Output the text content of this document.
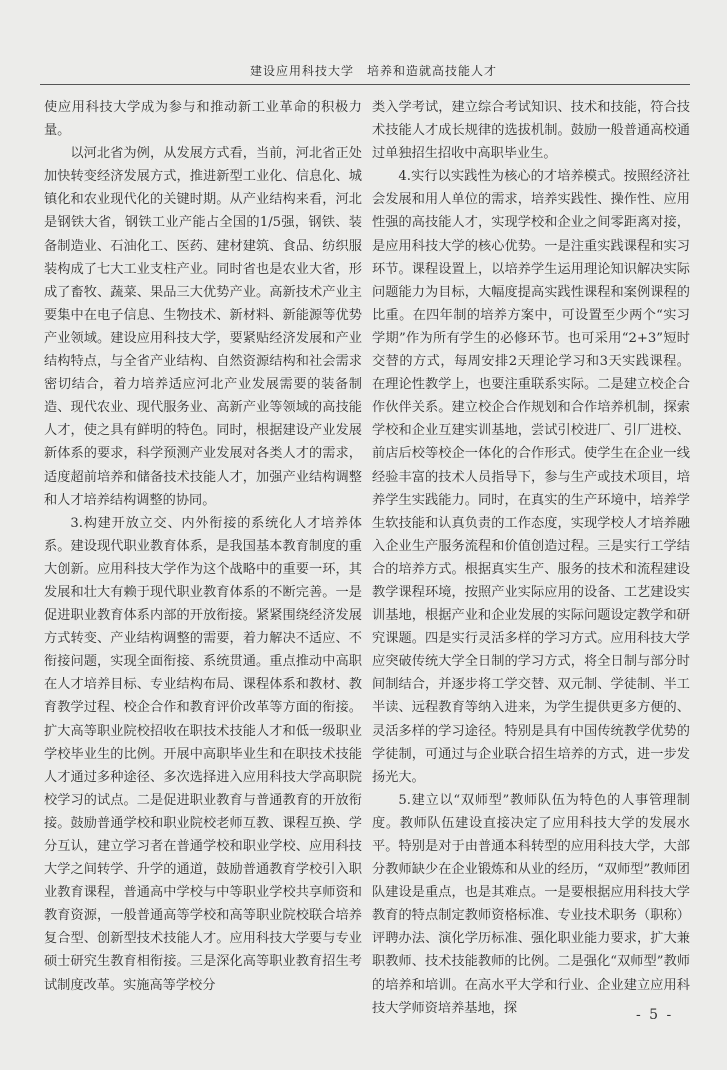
建设应用科技大学　培养和造就高技能人才

使应用科技大学成为参与和推动新工业革命的积极力量。

以河北省为例，从发展方式看，当前，河北省正处加快转变经济发展方式，推进新型工业化、信息化、城镇化和农业现代化的关键时期。从产业结构来看，河北是钢铁大省，钢铁工业产能占全国的1/5强，钢铁、装备制造业、石油化工、医药、建材建筑、食品、纺织服装构成了七大工业支柱产业。同时省也是农业大省，形成了畜牧、蔬菜、果品三大优势产业。高新技术产业主要集中在电子信息、生物技术、新材料、新能源等优势产业领域。建设应用科技大学，要紧贴经济发展和产业结构特点，与全省产业结构、自然资源结构和社会需求密切结合，着力培养适应河北产业发展需要的装备制造、现代农业、现代服务业、高新产业等领域的高技能人才，使之具有鲜明的特色。同时，根据建设产业发展新体系的要求，科学预测产业发展对各类人才的需求，适度超前培养和储备技术技能人才，加强产业结构调整和人才培养结构调整的协同。

3.构建开放立交、内外衔接的系统化人才培养体系。建设现代职业教育体系，是我国基本教育制度的重大创新。应用科技大学作为这个战略中的重要一环，其发展和壮大有赖于现代职业教育体系的不断完善。一是促进职业教育体系内部的开放衔接。紧紧围绕经济发展方式转变、产业结构调整的需要，着力解决不适应、不衔接问题，实现全面衔接、系统贯通。重点推动中高职在人才培养目标、专业结构布局、课程体系和教材、教育教学过程、校企合作和教育评价改革等方面的衔接。扩大高等职业院校招收在职技术技能人才和低一级职业学校毕业生的比例。开展中高职毕业生和在职技术技能人才通过多种途径、多次选择进入应用科技大学高职院校学习的试点。二是促进职业教育与普通教育的开放衔接。鼓励普通学校和职业院校老师互教、课程互换、学分互认，建立学习者在普通学校和职业学校、应用科技大学之间转学、升学的通道，鼓励普通教育学校引入职业教育课程，普通高中学校与中等职业学校共享师资和教育资源，一般普通高等学校和高等职业院校联合培养复合型、创新型技术技能人才。应用科技大学要与专业硕士研究生教育相衔接。三是深化高等职业教育招生考试制度改革。实施高等学校分

类入学考试，建立综合考试知识、技术和技能，符合技术技能人才成长规律的选拔机制。鼓励一般普通高校通过单独招生招收中高职毕业生。

4.实行以实践性为核心的才培养模式。按照经济社会发展和用人单位的需求，培养实践性、操作性、应用性强的高技能人才，实现学校和企业之间零距离对接，是应用科技大学的核心优势。一是注重实践课程和实习环节。课程设置上，以培养学生运用理论知识解决实际问题能力为目标，大幅度提高实践性课程和案例课程的比重。在四年制的培养方案中，可设置至少两个“实习学期”作为所有学生的必修环节。也可采用“2+3”短时交替的方式，每周安排2天理论学习和3天实践课程。在理论性教学上，也要注重联系实际。二是建立校企合作伙伴关系。建立校企合作规划和合作培养机制，探索学校和企业互建实训基地，尝试引校进厂、引厂进校、前店后校等校企一体化的合作形式。使学生在企业一线经验丰富的技术人员指导下，参与生产或技术项目，培养学生实践能力。同时，在真实的生产环境中，培养学生软技能和认真负责的工作态度，实现学校人才培养融入企业生产服务流程和价值创造过程。三是实行工学结合的培养方式。根据真实生产、服务的技术和流程建设教学课程环境，按照产业实际应用的设备、工艺建设实训基地，根据产业和企业发展的实际问题设定教学和研究课题。四是实行灵活多样的学习方式。应用科技大学应突破传统大学全日制的学习方式，将全日制与部分时间制结合，并逐步将工学交替、双元制、学徒制、半工半读、远程教育等纳入进来，为学生提供更多方便的、灵活多样的学习途径。特别是具有中国传统教学优势的学徒制，可通过与企业联合招生培养的方式，进一步发扬光大。

5.建立以“双师型”教师队伍为特色的人事管理制度。教师队伍建设直接决定了应用科技大学的发展水平。特别是对于由普通本科转型的应用科技大学，大部分教师缺少在企业锻炼和从业的经历，“双师型”教师团队建设是重点，也是其难点。一是要根据应用科技大学教育的特点制定教师资格标准、专业技术职务（职称）评聘办法、演化学历标准、强化职业能力要求，扩大兼职教师、技术技能教师的比例。二是强化“双师型”教师的培养和培训。在高水平大学和行业、企业建立应用科技大学师资培养基地，探	- 5 -
